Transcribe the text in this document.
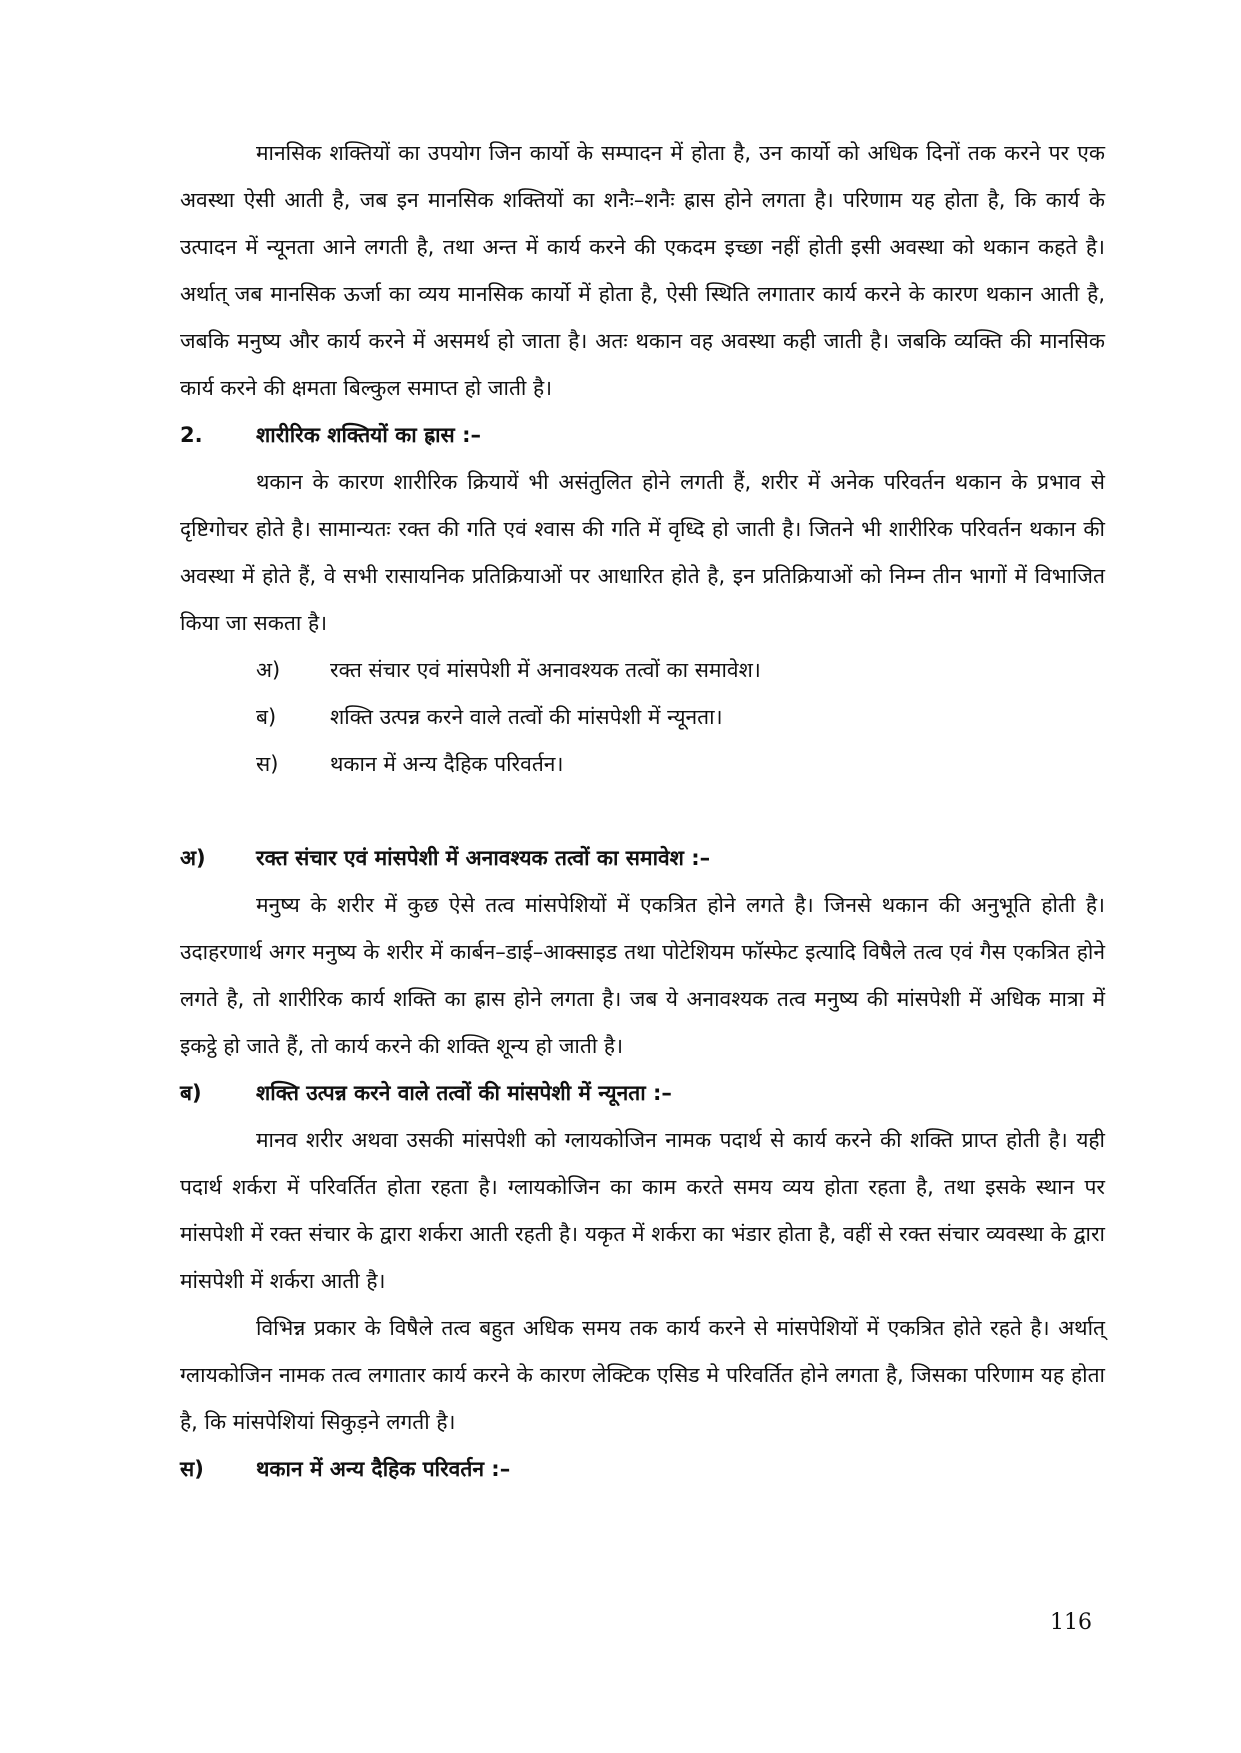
मानसिक शक्तियों का उपयोग जिन कार्यो के सम्पादन में होता है, उन कार्यो को अधिक दिनों तक करने पर एक अवस्था ऐसी आती है, जब इन मानसिक शक्तियों का शनैः–शनैः ह्रास होने लगता है। परिणाम यह होता है, कि कार्य के उत्पादन में न्यूनता आने लगती है, तथा अन्त में कार्य करने की एकदम इच्छा नहीं होती इसी अवस्था को थकान कहते है। अर्थात् जब मानसिक ऊर्जा का व्यय मानसिक कार्यो में होता है, ऐसी स्थिति लगातार कार्य करने के कारण थकान आती है, जबकि मनुष्य और कार्य करने में असमर्थ हो जाता है। अतः थकान वह अवस्था कही जाती है। जबकि व्यक्ति की मानसिक कार्य करने की क्षमता बिल्कुल समाप्त हो जाती है।

2.	शारीरिक शक्तियों का ह्रास :–

थकान के कारण शारीरिक क्रियायें भी असंतुलित होने लगती हैं, शरीर में अनेक परिवर्तन थकान के प्रभाव से दृष्टिगोचर होते है। सामान्यतः रक्त की गति एवं श्वास की गति में वृध्दि हो जाती है। जितने भी शारीरिक परिवर्तन थकान की अवस्था में होते हैं, वे सभी रासायनिक प्रतिक्रियाओं पर आधारित होते है, इन प्रतिक्रियाओं को निम्न तीन भागों में विभाजित किया जा सकता है।

अ)	रक्त संचार एवं मांसपेशी में अनावश्यक तत्वों का समावेश।
ब)	शक्ति उत्पन्न करने वाले तत्वों की मांसपेशी में न्यूनता।
स)	थकान में अन्य दैहिक परिवर्तन।
अ)	रक्त संचार एवं मांसपेशी में अनावश्यक तत्वों का समावेश :–

मनुष्य के शरीर में कुछ ऐसे तत्व मांसपेशियों में एकत्रित होने लगते है। जिनसे थकान की अनुभूति होती है। उदाहरणार्थ अगर मनुष्य के शरीर में कार्बन–डाई–आक्साइड तथा पोटेशियम फॉस्फेट इत्यादि विषैले तत्व एवं गैस एकत्रित होने लगते है, तो शारीरिक कार्य शक्ति का ह्रास होने लगता है। जब ये अनावश्यक तत्व मनुष्य की मांसपेशी में अधिक मात्रा में इकट्ठे हो जाते हैं, तो कार्य करने की शक्ति शून्य हो जाती है।

ब)	शक्ति उत्पन्न करने वाले तत्वों की मांसपेशी में न्यूनता :–

मानव शरीर अथवा उसकी मांसपेशी को ग्लायकोजिन नामक पदार्थ से कार्य करने की शक्ति प्राप्त होती है। यही पदार्थ शर्करा में परिवर्तित होता रहता है। ग्लायकोजिन का काम करते समय व्यय होता रहता है, तथा इसके स्थान पर मांसपेशी में रक्त संचार के द्वारा शर्करा आती रहती है। यकृत में शर्करा का भंडार होता है, वहीं से रक्त संचार व्यवस्था के द्वारा मांसपेशी में शर्करा आती है।

विभिन्न प्रकार के विषैले तत्व बहुत अधिक समय तक कार्य करने से मांसपेशियों में एकत्रित होते रहते है। अर्थात् ग्लायकोजिन नामक तत्व लगातार कार्य करने के कारण लेक्टिक एसिड मे परिवर्तित होने लगता है, जिसका परिणाम यह होता है, कि मांसपेशियां सिकुड़ने लगती है।

स)	थकान में अन्य दैहिक परिवर्तन :–
116
